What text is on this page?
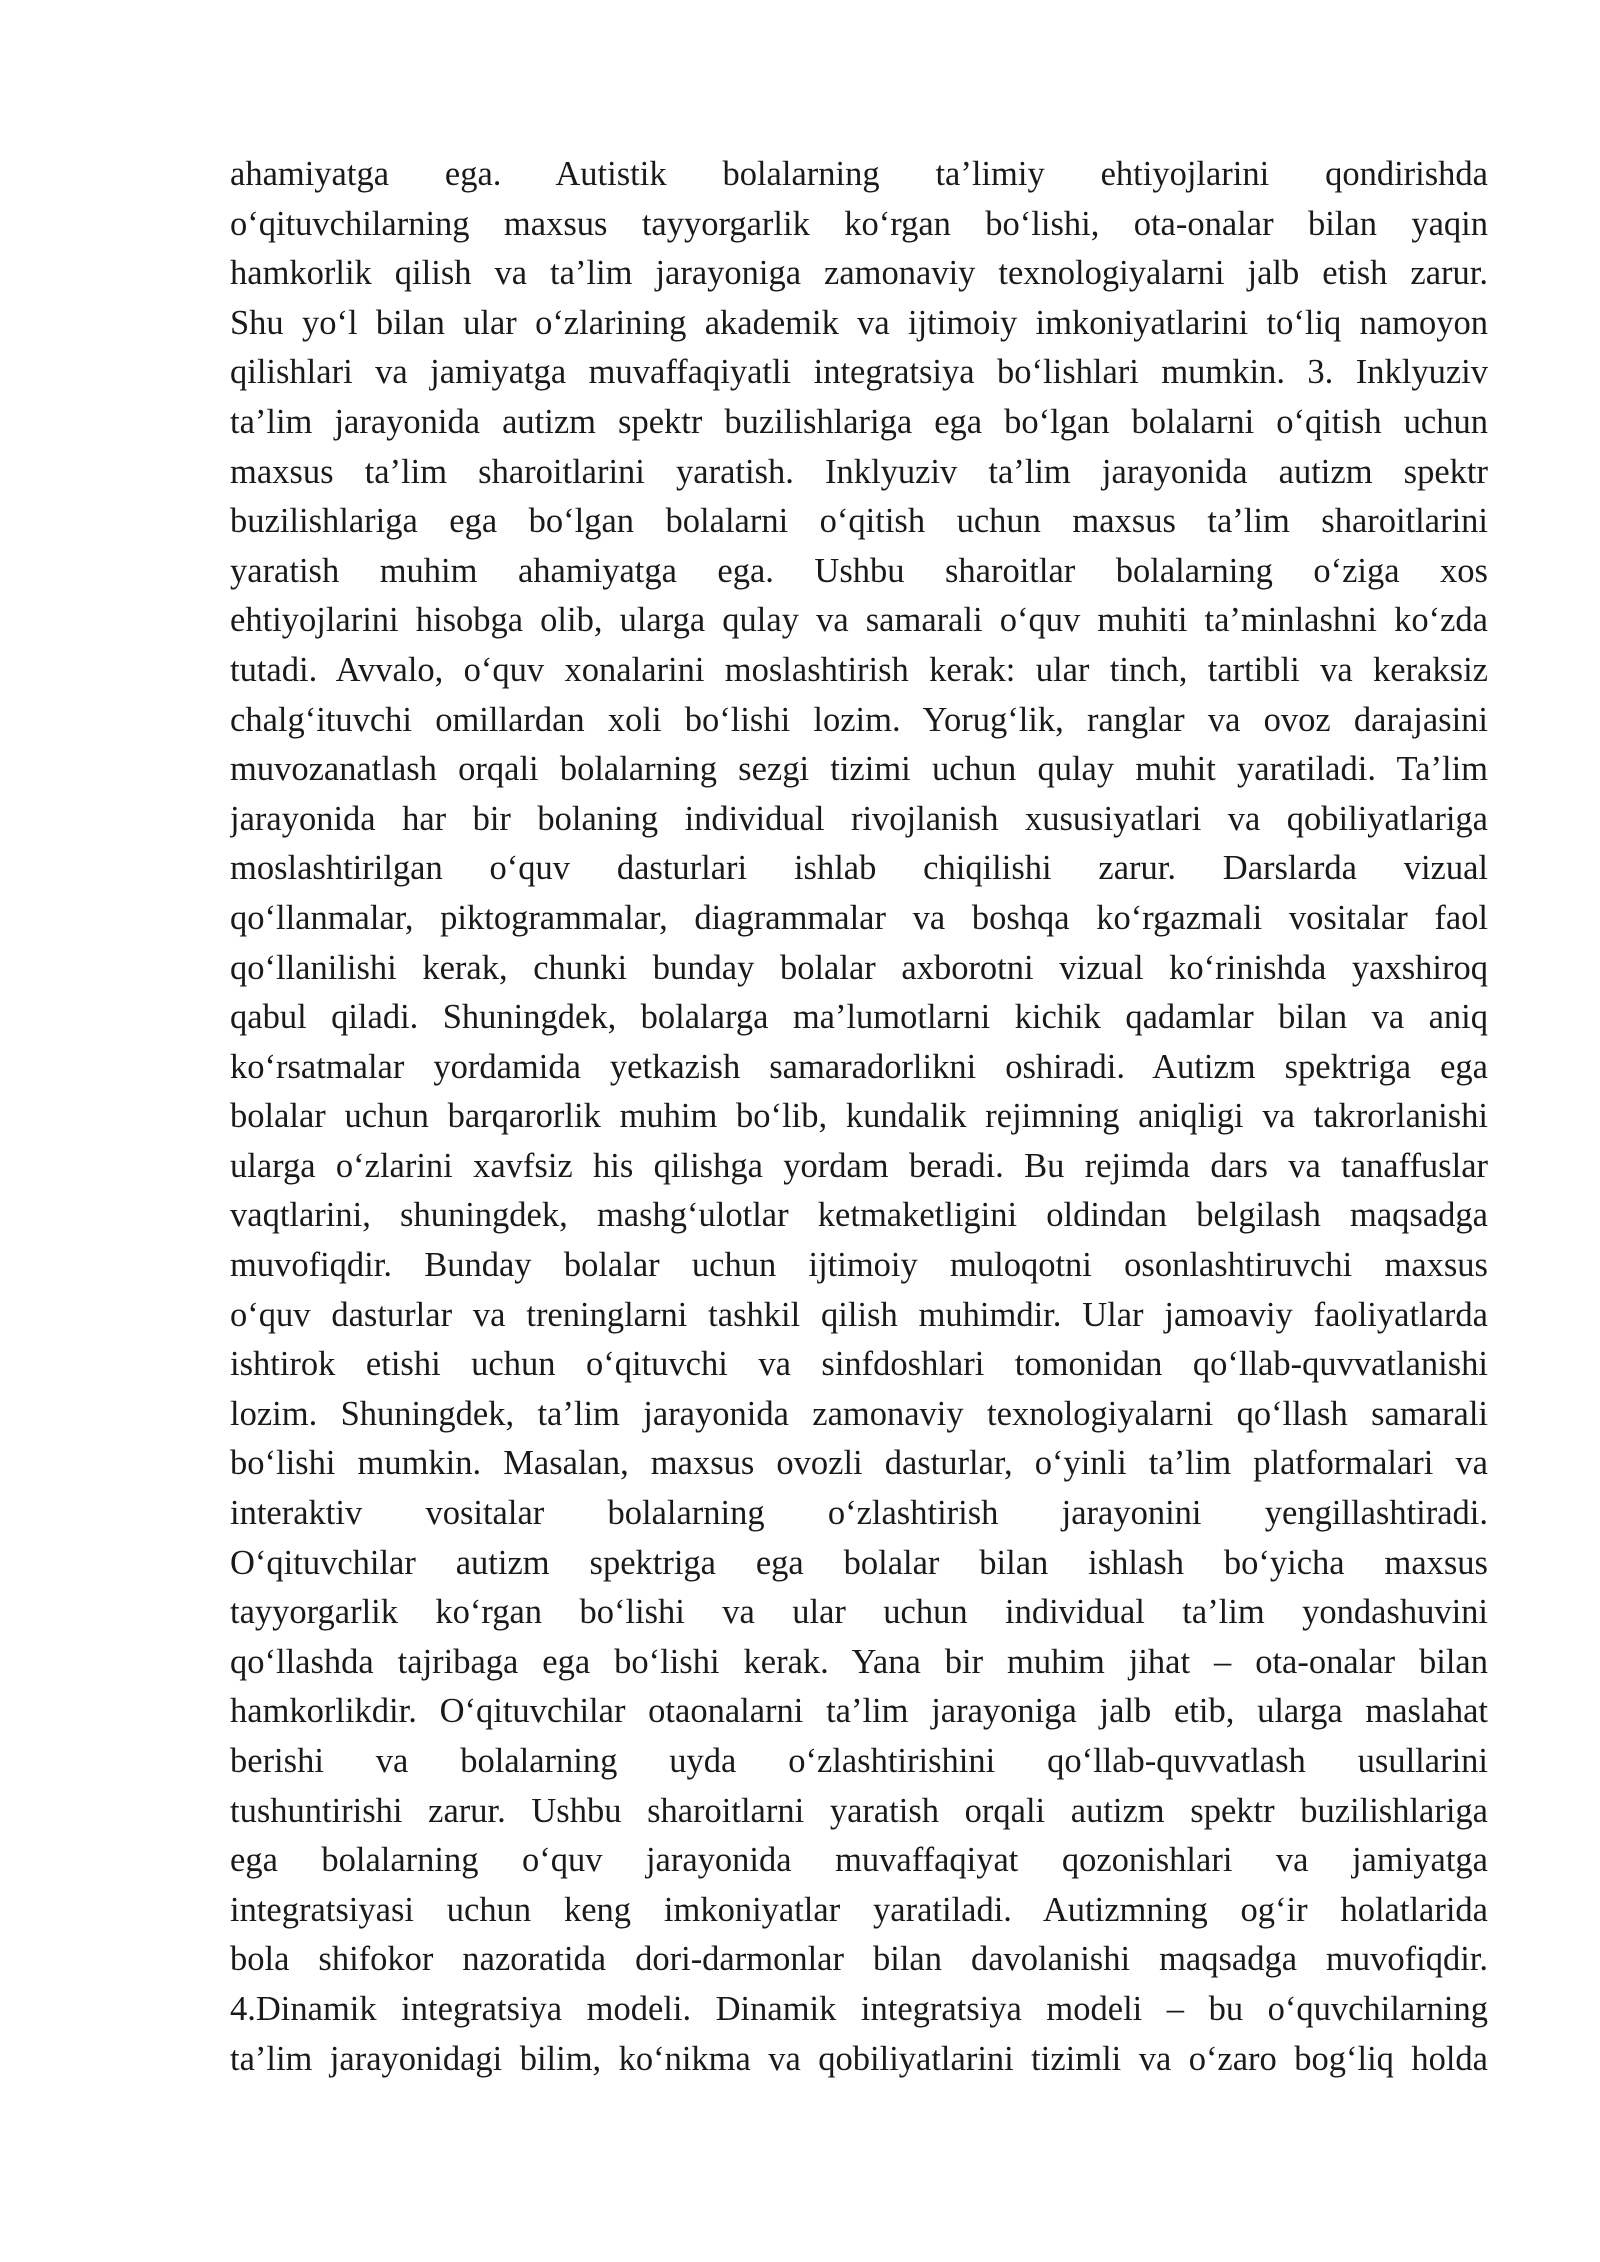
ahamiyatga ega. Autistik bolalarning ta’limiy ehtiyojlarini qondirishda
o‘qituvchilarning maxsus tayyorgarlik ko‘rgan bo‘lishi, ota-onalar bilan yaqin
hamkorlik qilish va ta’lim jarayoniga zamonaviy texnologiyalarni jalb etish zarur.
Shu yo‘l bilan ular o‘zlarining akademik va ijtimoiy imkoniyatlarini to‘liq namoyon
qilishlari va jamiyatga muvaffaqiyatli integratsiya bo‘lishlari mumkin. 3. Inklyuziv
ta’lim jarayonida autizm spektr buzilishlariga ega bo‘lgan bolalarni o‘qitish uchun
maxsus ta’lim sharoitlarini yaratish. Inklyuziv ta’lim jarayonida autizm spektr
buzilishlariga ega bo‘lgan bolalarni o‘qitish uchun maxsus ta’lim sharoitlarini
yaratish muhim ahamiyatga ega. Ushbu sharoitlar bolalarning o‘ziga xos
ehtiyojlarini hisobga olib, ularga qulay va samarali o‘quv muhiti ta’minlashni ko‘zda
tutadi. Avvalo, o‘quv xonalarini moslashtirish kerak: ular tinch, tartibli va keraksiz
chalg‘ituvchi omillardan xoli bo‘lishi lozim. Yorug‘lik, ranglar va ovoz darajasini
muvozanatlash orqali bolalarning sezgi tizimi uchun qulay muhit yaratiladi. Ta’lim
jarayonida har bir bolaning individual rivojlanish xususiyatlari va qobiliyatlariga
moslashtirilgan o‘quv dasturlari ishlab chiqilishi zarur. Darslarda vizual
qo‘llanmalar, piktogrammalar, diagrammalar va boshqa ko‘rgazmali vositalar faol
qo‘llanilishi kerak, chunki bunday bolalar axborotni vizual ko‘rinishda yaxshiroq
qabul qiladi. Shuningdek, bolalarga ma’lumotlarni kichik qadamlar bilan va aniq
ko‘rsatmalar yordamida yetkazish samaradorlikni oshiradi. Autizm spektriga ega
bolalar uchun barqarorlik muhim bo‘lib, kundalik rejimning aniqligi va takrorlanishi
ularga o‘zlarini xavfsiz his qilishga yordam beradi. Bu rejimda dars va tanaffuslar
vaqtlarini, shuningdek, mashg‘ulotlar ketmaketligini oldindan belgilash maqsadga
muvofiqdir. Bunday bolalar uchun ijtimoiy muloqotni osonlashtiruvchi maxsus
o‘quv dasturlar va treninglarni tashkil qilish muhimdir. Ular jamoaviy faoliyatlarda
ishtirok etishi uchun o‘qituvchi va sinfdoshlari tomonidan qo‘llab-quvvatlanishi
lozim. Shuningdek, ta’lim jarayonida zamonaviy texnologiyalarni qo‘llash samarali
bo‘lishi mumkin. Masalan, maxsus ovozli dasturlar, o‘yinli ta’lim platformalari va
interaktiv vositalar bolalarning o‘zlashtirish jarayonini yengillashtiradi.
O‘qituvchilar autizm spektriga ega bolalar bilan ishlash bo‘yicha maxsus
tayyorgarlik ko‘rgan bo‘lishi va ular uchun individual ta’lim yondashuvini
qo‘llashda tajribaga ega bo‘lishi kerak. Yana bir muhim jihat – ota-onalar bilan
hamkorlikdir. O‘qituvchilar otaonalarni ta’lim jarayoniga jalb etib, ularga maslahat
berishi va bolalarning uyda o‘zlashtirishini qo‘llab-quvvatlash usullarini
tushuntirishi zarur. Ushbu sharoitlarni yaratish orqali autizm spektr buzilishlariga
ega bolalarning o‘quv jarayonida muvaffaqiyat qozonishlari va jamiyatga
integratsiyasi uchun keng imkoniyatlar yaratiladi. Autizmning og‘ir holatlarida
bola shifokor nazoratida dori-darmonlar bilan davolanishi maqsadga muvofiqdir.
4.Dinamik integratsiya modeli. Dinamik integratsiya modeli – bu o‘quvchilarning
ta’lim jarayonidagi bilim, ko‘nikma va qobiliyatlarini tizimli va o‘zaro bog‘liq holda
